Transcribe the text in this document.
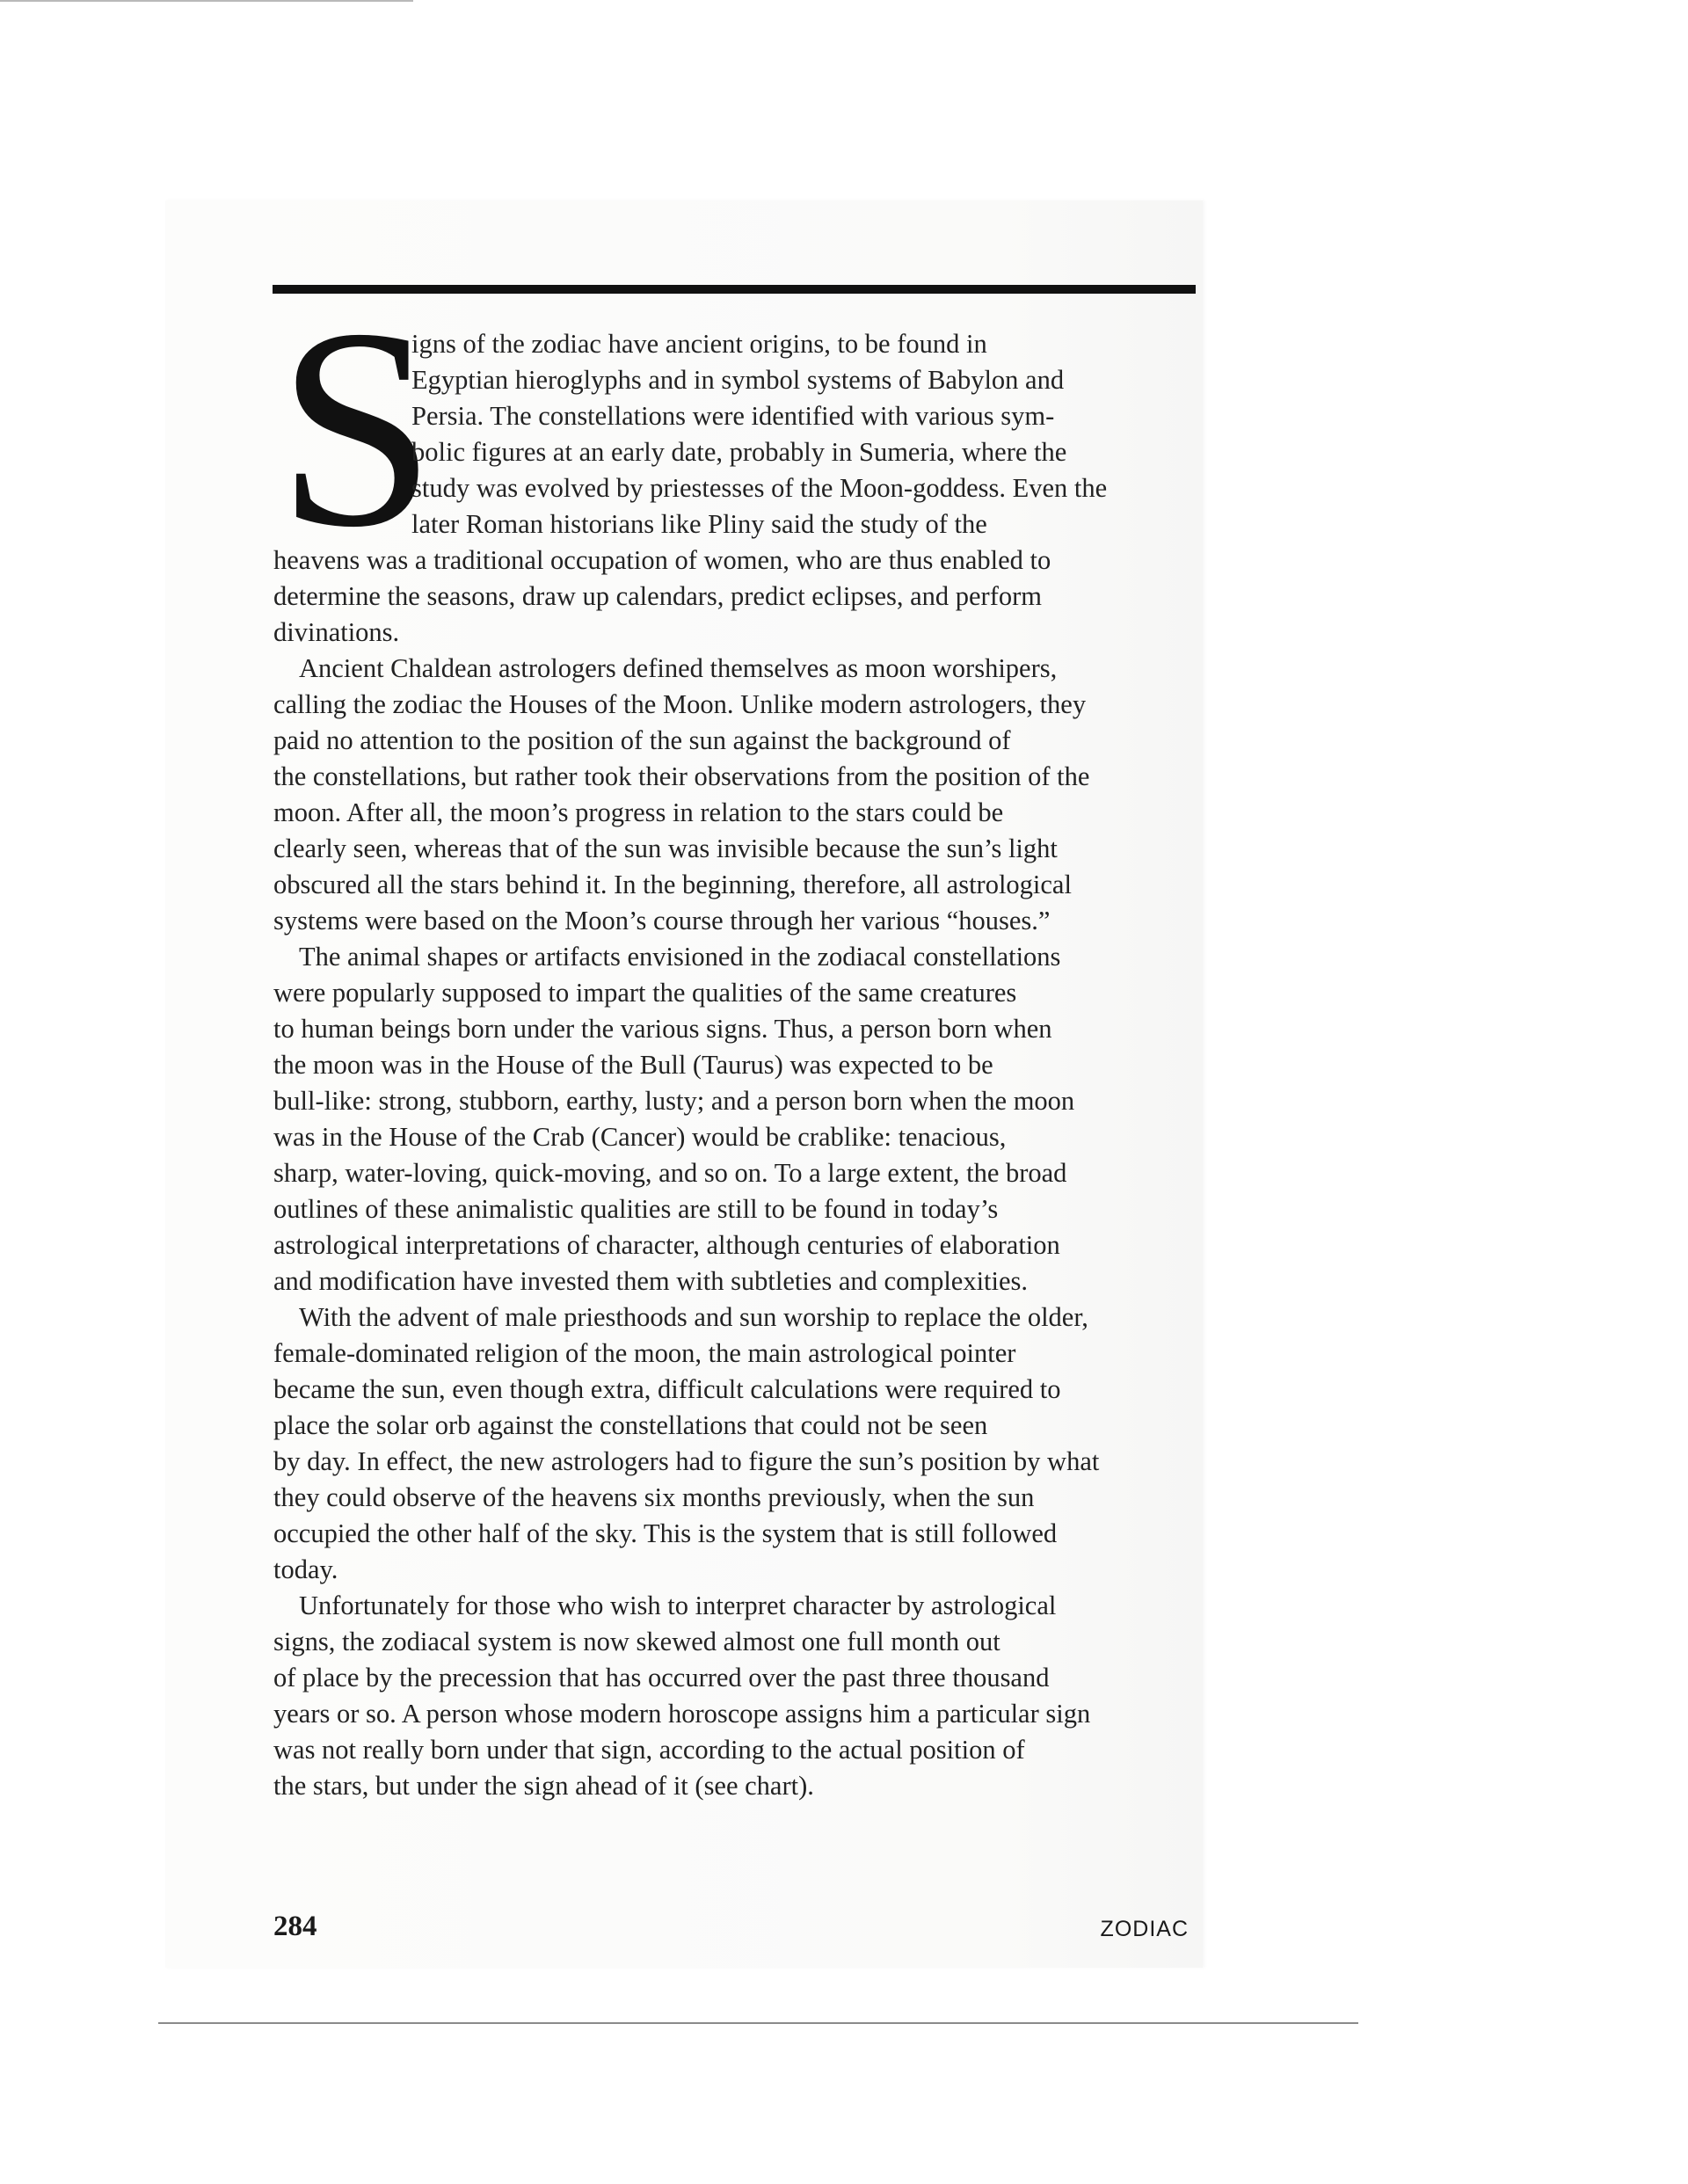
S
igns of the zodiac have ancient origins, to be found in
Egyptian hieroglyphs and in symbol systems of Babylon and
Persia. The constellations were identified with various sym-
bolic figures at an early date, probably in Sumeria, where the
study was evolved by priestesses of the Moon-goddess. Even the
later Roman historians like Pliny said the study of the
heavens was a traditional occupation of women, who are thus enabled to
determine the seasons, draw up calendars, predict eclipses, and perform
divinations.
Ancient Chaldean astrologers defined themselves as moon worshipers,
calling the zodiac the Houses of the Moon. Unlike modern astrologers, they
paid no attention to the position of the sun against the background of
the constellations, but rather took their observations from the position of the
moon. After all, the moon’s progress in relation to the stars could be
clearly seen, whereas that of the sun was invisible because the sun’s light
obscured all the stars behind it. In the beginning, therefore, all astrological
systems were based on the Moon’s course through her various “houses.”
The animal shapes or artifacts envisioned in the zodiacal constellations
were popularly supposed to impart the qualities of the same creatures
to human beings born under the various signs. Thus, a person born when
the moon was in the House of the Bull (Taurus) was expected to be
bull-like: strong, stubborn, earthy, lusty; and a person born when the moon
was in the House of the Crab (Cancer) would be crablike: tenacious,
sharp, water-loving, quick-moving, and so on. To a large extent, the broad
outlines of these animalistic qualities are still to be found in today’s
astrological interpretations of character, although centuries of elaboration
and modification have invested them with subtleties and complexities.
With the advent of male priesthoods and sun worship to replace the older,
female-dominated religion of the moon, the main astrological pointer
became the sun, even though extra, difficult calculations were required to
place the solar orb against the constellations that could not be seen
by day. In effect, the new astrologers had to figure the sun’s position by what
they could observe of the heavens six months previously, when the sun
occupied the other half of the sky. This is the system that is still followed
today.
Unfortunately for those who wish to interpret character by astrological
signs, the zodiacal system is now skewed almost one full month out
of place by the precession that has occurred over the past three thousand
years or so. A person whose modern horoscope assigns him a particular sign
was not really born under that sign, according to the actual position of
the stars, but under the sign ahead of it (see chart).
284	ZODIAC
